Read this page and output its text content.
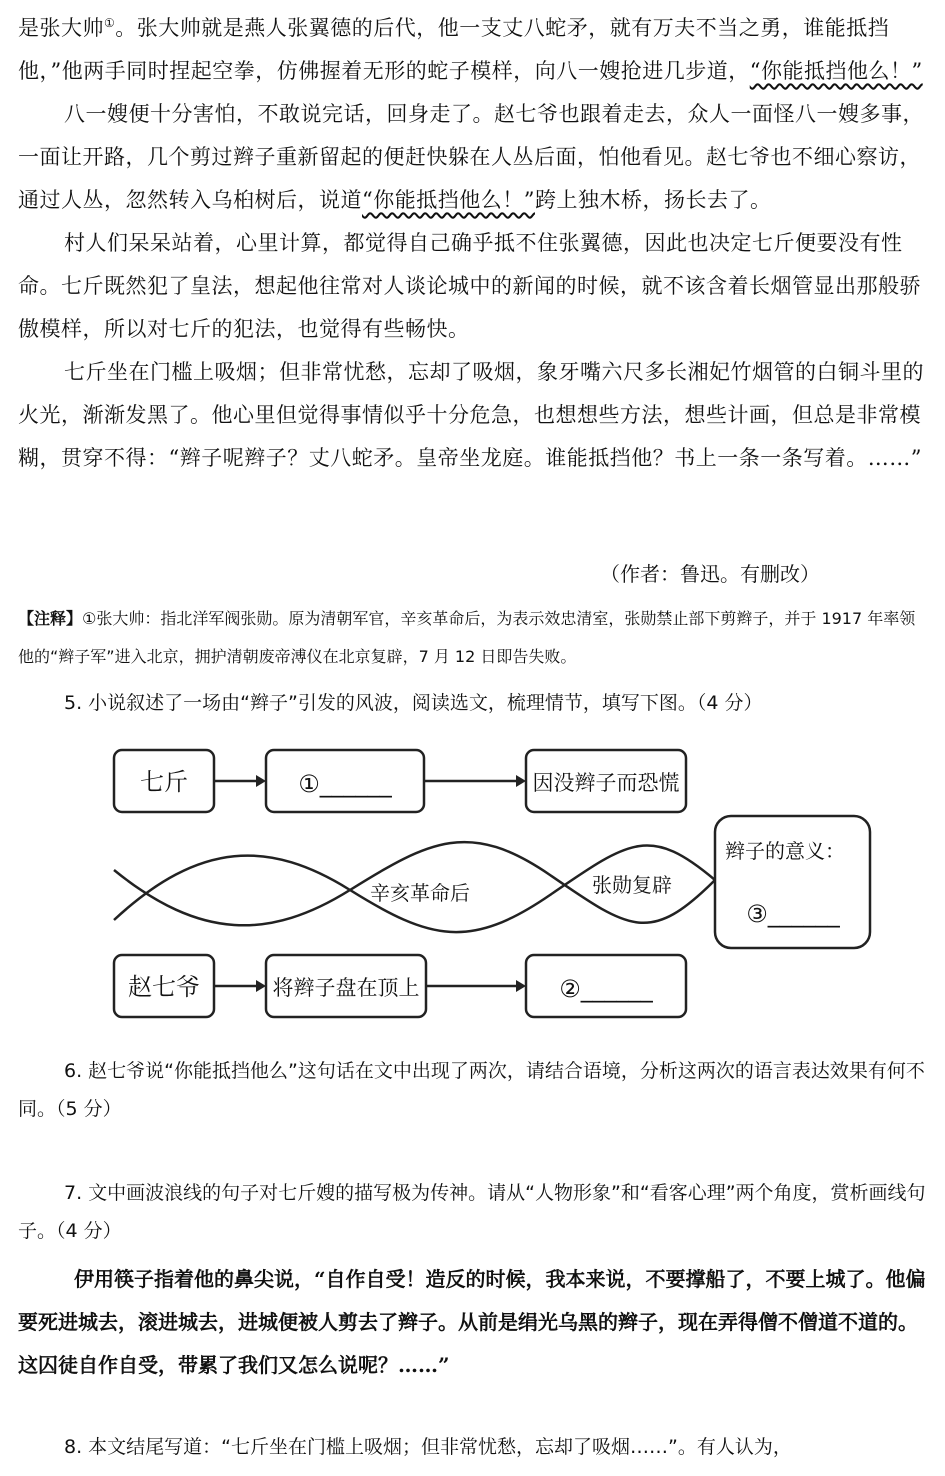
是张大帅①。张大帅就是燕人张翼德的后代，他一支丈八蛇矛，就有万夫不当之勇，谁能抵挡他，”他两手同时捏起空拳，仿佛握着无形的蛇子模样，向八一嫂抢进几步道，“你能抵挡他么！”

八一嫂便十分害怕，不敢说完话，回身走了。赵七爷也跟着走去，众人一面怪八一嫂多事，一面让开路，几个剪过辫子重新留起的便赶快躲在人丛后面，怕他看见。赵七爷也不细心察访，通过人丛，忽然转入乌桕树后，说道“你能抵挡他么！”跨上独木桥，扬长去了。

村人们呆呆站着，心里计算，都觉得自己确乎抵不住张翼德，因此也决定七斤便要没有性命。七斤既然犯了皇法，想起他往常对人谈论城中的新闻的时候，就不该含着长烟管显出那般骄傲模样，所以对七斤的犯法，也觉得有些畅快。

七斤坐在门槛上吸烟；但非常忧愁，忘却了吸烟，象牙嘴六尺多长湘妃竹烟管的白铜斗里的火光，渐渐发黑了。他心里但觉得事情似乎十分危急，也想想些方法，想些计画，但总是非常模糊，贯穿不得：“辫子呢辫子？丈八蛇矛。皇帝坐龙庭。谁能抵挡他？书上一条一条写着。……”

（作者：鲁迅。有删改）
【注释】①张大帅：指北洋军阀张勋。原为清朝军官，辛亥革命后，为表示效忠清室，张勋禁止部下剪辫子，并于 1917 年率领他的“辫子军”进入北京，拥护清朝废帝溥仪在北京复辟，7 月 12 日即告失败。
5. 小说叙述了一场由“辫子”引发的风波，阅读选文，梳理情节，填写下图。（4 分）
七斤	①______	因没辫子而恐慌
赵七爷	将辫子盘在顶上	②______
辛亥革命后	张勋复辟
辫子的意义：
③______
6. 赵七爷说“你能抵挡他么”这句话在文中出现了两次，请结合语境，分析这两次的语言表达效果有何不同。（5 分）
7. 文中画波浪线的句子对七斤嫂的描写极为传神。请从“人物形象”和“看客心理”两个角度，赏析画线句子。（4 分）
伊用筷子指着他的鼻尖说，“自作自受！造反的时候，我本来说，不要撑船了，不要上城了。他偏要死进城去，滚进城去，进城便被人剪去了辫子。从前是绢光乌黑的辫子，现在弄得僧不僧道不道的。这囚徒自作自受，带累了我们又怎么说呢？……”
8. 本文结尾写道：“七斤坐在门槛上吸烟；但非常忧愁，忘却了吸烟……”。有人认为，
